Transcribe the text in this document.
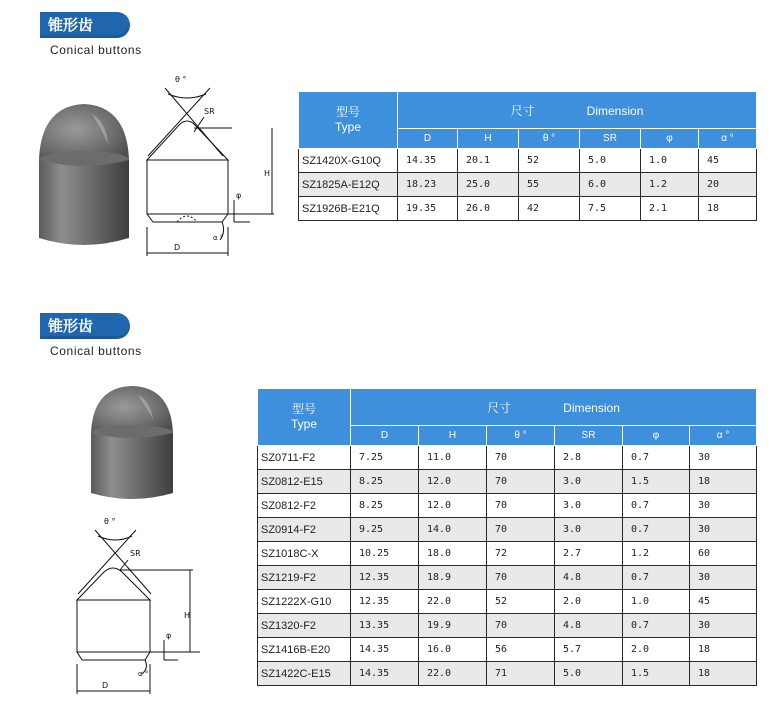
锥形齿
Conical buttons
θ °
SR
H
φ
α °
D
型号
Type	尺寸 Dimension					
	D	H	θ °	SR	φ	α °
SZ1420X-G10Q	14.35	20.1	52	5.0	1.0	45
SZ1825A-E12Q	18.23	25.0	55	6.0	1.2	20
SZ1926B-E21Q	19.35	26.0	42	7.5	2.1	18
锥形齿
Conical buttons
θ °
SR
H
φ
α °
D
型号
Type	尺寸 Dimension					
	D	H	θ °	SR	φ	α °
SZ0711-F2	7.25	11.0	70	2.8	0.7	30
SZ0812-E15	8.25	12.0	70	3.0	1.5	18
SZ0812-F2	8.25	12.0	70	3.0	0.7	30
SZ0914-F2	9.25	14.0	70	3.0	0.7	30
SZ1018C-X	10.25	18.0	72	2.7	1.2	60
SZ1219-F2	12.35	18.9	70	4.8	0.7	30
SZ1222X-G10	12.35	22.0	52	2.0	1.0	45
SZ1320-F2	13.35	19.9	70	4.8	0.7	30
SZ1416B-E20	14.35	16.0	56	5.7	2.0	18
SZ1422C-E15	14.35	22.0	71	5.0	1.5	18
